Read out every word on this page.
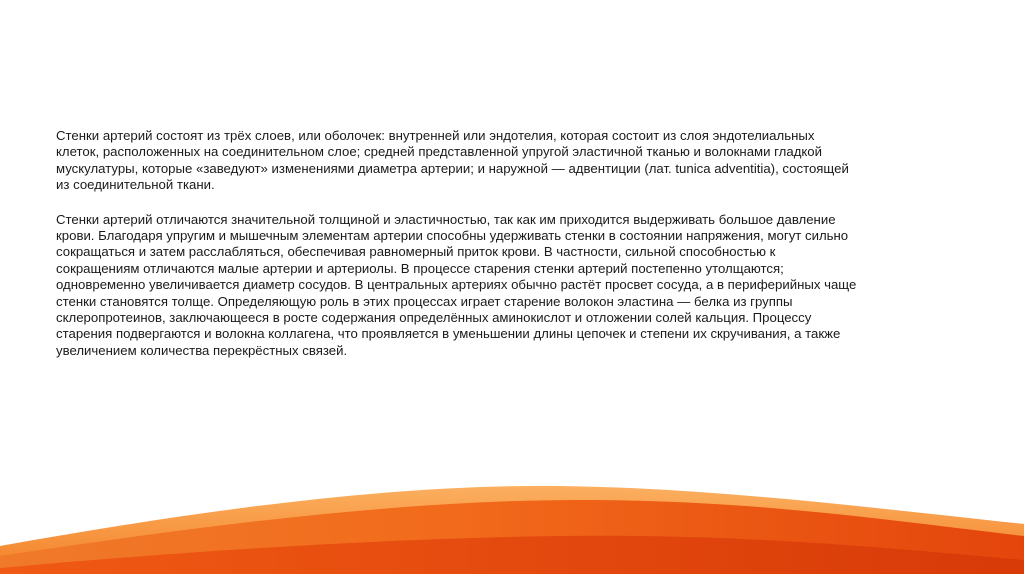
Стенки артерий состоят из трёх слоев, или оболочек: внутренней или эндотелия, которая состоит из слоя эндотелиальных
клеток, расположенных на соединительном слое; средней представленной упругой эластичной тканью и волокнами гладкой
мускулатуры, которые «заведуют» изменениями диаметра артерии; и наружной — адвентиции (лат. tunica adventitia), состоящей
из соединительной ткани.

Стенки артерий отличаются значительной толщиной и эластичностью, так как им приходится выдерживать большое давление
крови. Благодаря упругим и мышечным элементам артерии способны удерживать стенки в состоянии напряжения, могут сильно
сокращаться и затем расслабляться, обеспечивая равномерный приток крови. В частности, сильной способностью к
сокращениям отличаются малые артерии и артериолы. В процессе старения стенки артерий постепенно утолщаются;
одновременно увеличивается диаметр сосудов. В центральных артериях обычно растёт просвет сосуда, а в периферийных чаще
стенки становятся толще. Определяющую роль в этих процессах играет старение волокон эластина — белка из группы
склеропротеинов, заключающееся в росте содержания определённых аминокислот и отложении солей кальция. Процессу
старения подвергаются и волокна коллагена, что проявляется в уменьшении длины цепочек и степени их скручивания, а также
увеличением количества перекрёстных связей.
